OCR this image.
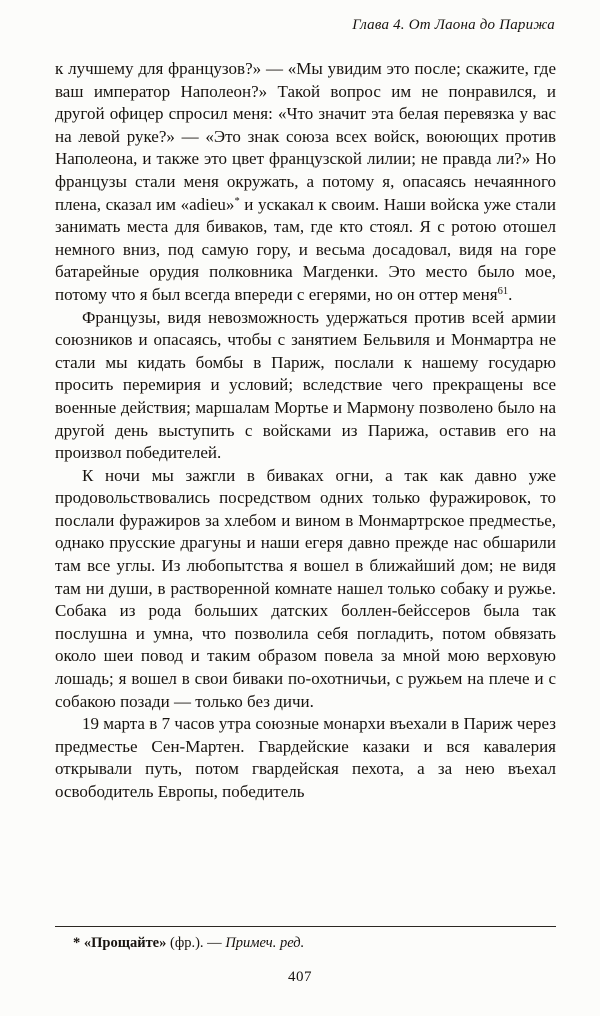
Глава 4. От Лаона до Парижа

к лучшему для французов?» — «Мы увидим это после; скажите, где ваш император Наполеон?» Такой вопрос им не понравился, и другой офицер спросил меня: «Что значит эта белая перевязка у вас на левой руке?» — «Это знак союза всех войск, воюющих против Наполеона, и также это цвет французской лилии; не правда ли?» Но французы стали меня окружать, а потому я, опасаясь нечаянного плена, сказал им «adieu»* и ускакал к своим. Наши войска уже стали занимать места для биваков, там, где кто стоял. Я с ротою отошел немного вниз, под самую гору, и весьма досадовал, видя на горе батарейные орудия полковника Магденки. Это место было мое, потому что я был всегда впереди с егерями, но он оттер меня$^{61}$.

Французы, видя невозможность удержаться против всей армии союзников и опасаясь, чтобы с занятием Бельвиля и Монмартра не стали мы кидать бомбы в Париж, послали к нашему государю просить перемирия и условий; вследствие чего прекращены все военные действия; маршалам Мортье и Мармону позволено было на другой день выступить с войсками из Парижа, оставив его на произвол победителей.

К ночи мы зажгли в биваках огни, а так как давно уже продовольствовались посредством одних только фуражировок, то послали фуражиров за хлебом и вином в Монмартрское предместье, однако прусские драгуны и наши егеря давно прежде нас обшарили там все углы. Из любопытства я вошел в ближайший дом; не видя там ни души, в растворенной комнате нашел только собаку и ружье. Собака из рода больших датских боллен-бейссеров была так послушна и умна, что позволила себя погладить, потом обвязать около шеи повод и таким образом повела за мной мою верховую лошадь; я вошел в свои биваки по-охотничьи, с ружьем на плече и с собакою позади — только без дичи.

19 марта в 7 часов утра союзные монархи въехали в Париж через предместье Сен-Мартен. Гвардейские казаки и вся кавалерия открывали путь, потом гвардейская пехота, а за нею въехал освободитель Европы, победитель

* «Прощайте» (фр.). — Примеч. ред.

407
